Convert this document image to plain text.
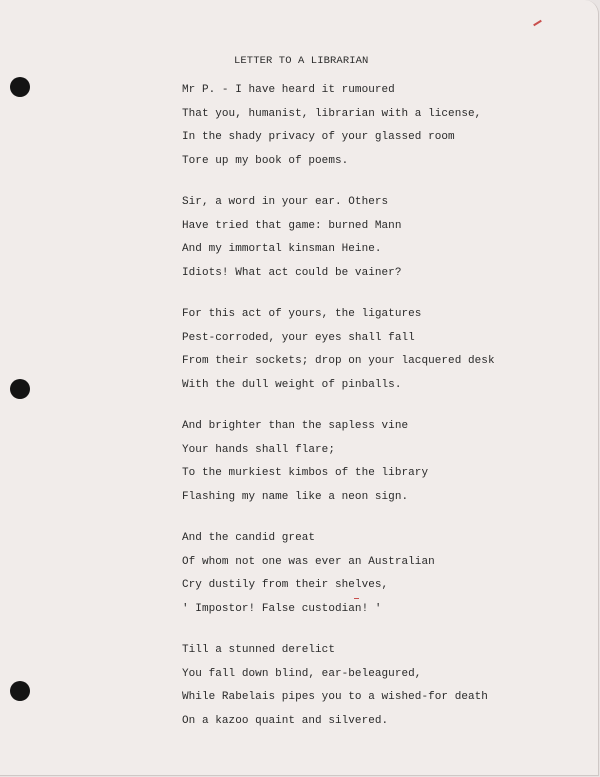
LETTER TO A LIBRARIAN
Mr P. - I have heard it rumoured
That you, humanist, librarian with a license,
In the shady privacy of your glassed room
Tore up my book of poems.
Sir, a word in your ear. Others
Have tried that game: burned Mann
And my immortal kinsman Heine.
Idiots! What act could be vainer?
For this act of yours, the ligatures
Pest-corroded, your eyes shall fall
From their sockets; drop on your lacquered desk
With the dull weight of pinballs.
And brighter than the sapless vine
Your hands shall flare;
To the murkiest kimbos of the library
Flashing my name like a neon sign.
And the candid great
Of whom not one was ever an Australian
Cry dustily from their shelves,
' Impostor! False custodian! '
Till a stunned derelict
You fall down blind, ear-beleagured,
While Rabelais pipes you to a wished-for death
On a kazoo quaint and silvered.
